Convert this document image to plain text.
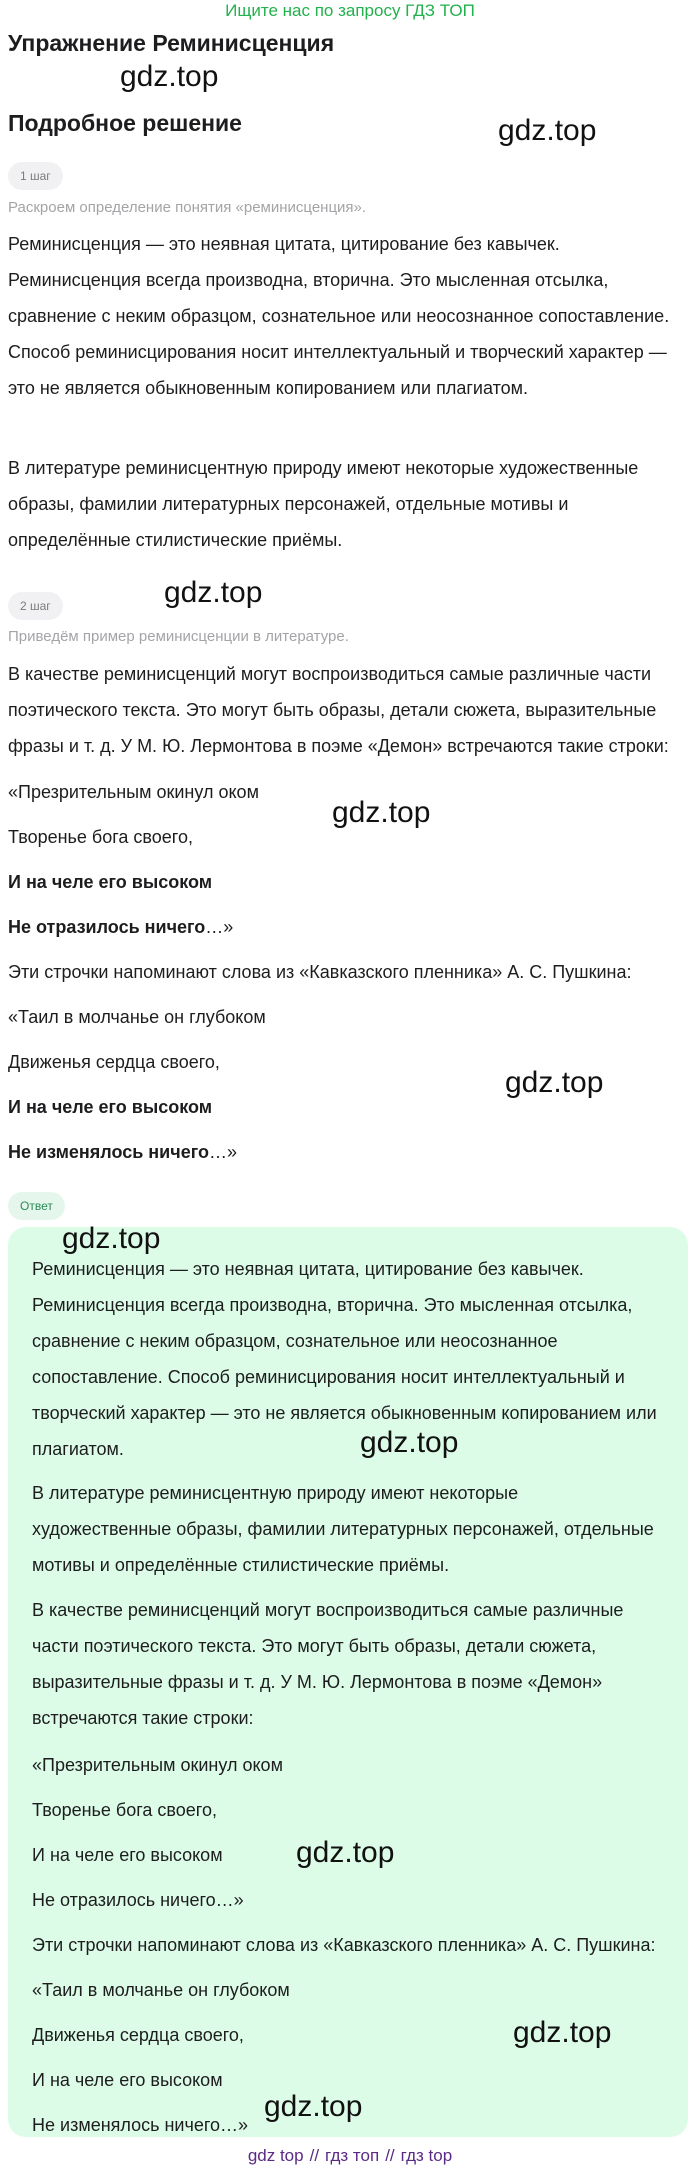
Ищите нас по запросу ГДЗ ТОП
Упражнение Реминисценция
Подробное решение
1 шаг
Раскроем определение понятия «реминисценция».

Реминисценция — это неявная цитата, цитирование без кавычек. Реминисценция всегда производна, вторична. Это мысленная отсылка, сравнение с неким образцом, сознательное или неосознанное сопоставление. Способ реминисцирования носит интеллектуальный и творческий характер — это не является обыкновенным копированием или плагиатом.

В литературе реминисцентную природу имеют некоторые художественные образы, фамилии литературных персонажей, отдельные мотивы и определённые стилистические приёмы.

2 шаг
Приведём пример реминисценции в литературе.

В качестве реминисценций могут воспроизводиться самые различные части поэтического текста. Это могут быть образы, детали сюжета, выразительные фразы и т. д. У М. Ю. Лермонтова в поэме «Демон» встречаются такие строки:

«Презрительным окинул оком
Творенье бога своего,
И на челе его высоком
Не отразилось ничего…»
Эти строчки напоминают слова из «Кавказского пленника» А. С. Пушкина:
«Таил в молчанье он глубоком
Движенья сердца своего,
И на челе его высоком
Не изменялось ничего…»
Ответ

Реминисценция — это неявная цитата, цитирование без кавычек. Реминисценция всегда производна, вторична. Это мысленная отсылка, сравнение с неким образцом, сознательное или неосознанное сопоставление. Способ реминисцирования носит интеллектуальный и творческий характер — это не является обыкновенным копированием или плагиатом.

В литературе реминисцентную природу имеют некоторые художественные образы, фамилии литературных персонажей, отдельные мотивы и определённые стилистические приёмы.

В качестве реминисценций могут воспроизводиться самые различные части поэтического текста. Это могут быть образы, детали сюжета, выразительные фразы и т. д. У М. Ю. Лермонтова в поэме «Демон» встречаются такие строки:

«Презрительным окинул оком
Творенье бога своего,
И на челе его высоком
Не отразилось ничего…»
Эти строчки напоминают слова из «Кавказского пленника» А. С. Пушкина:
«Таил в молчанье он глубоком
Движенья сердца своего,
И на челе его высоком
Не изменялось ничего…»
gdz.top
gdz.top
gdz.top
gdz.top
gdz.top
gdz.top
gdz.top
gdz.top
gdz.top
gdz.top
gdz top // гдз топ // гдз top
